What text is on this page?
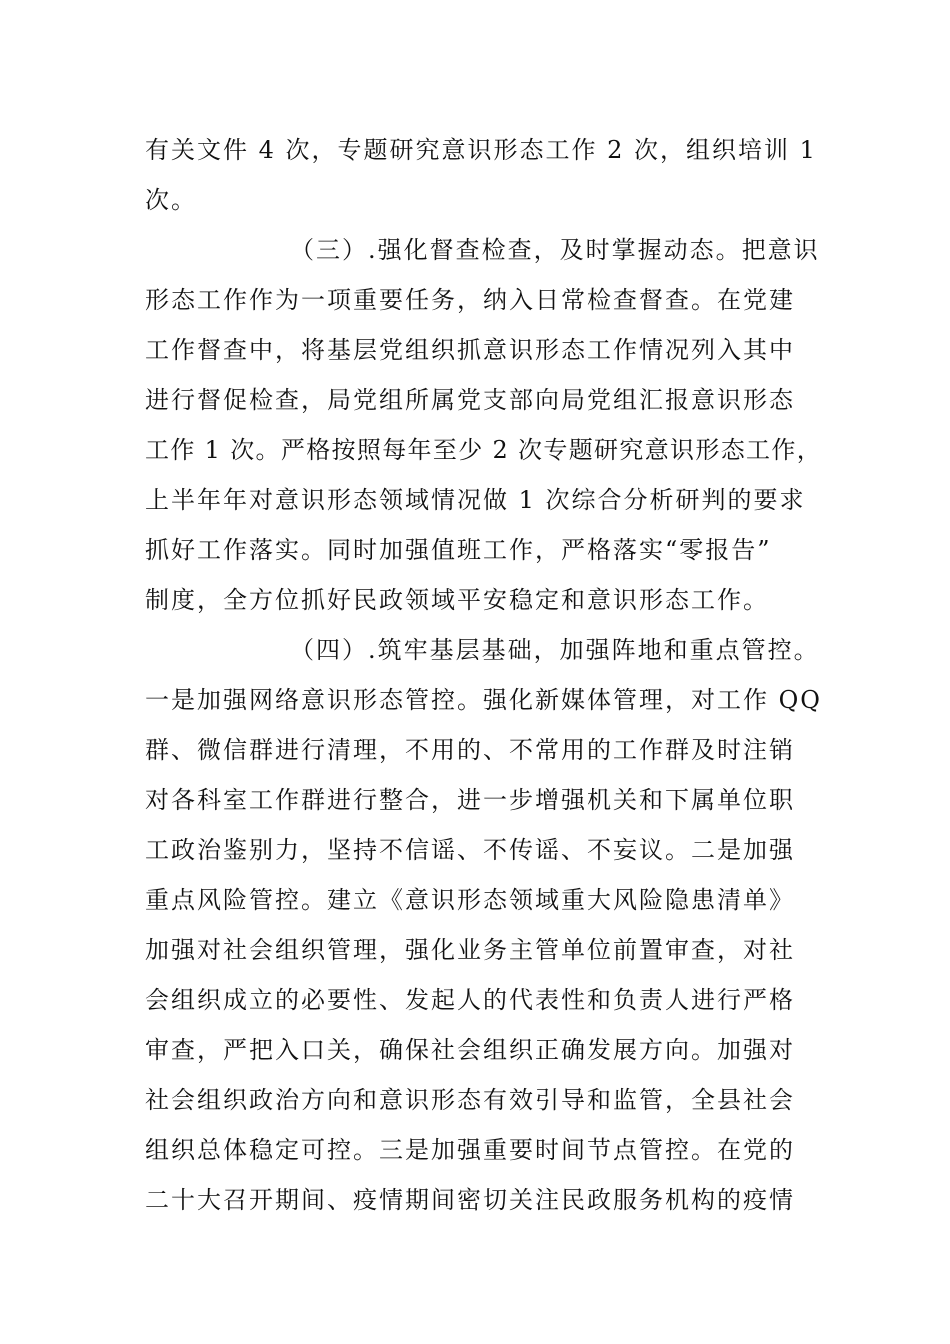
有关文件 4 次，专题研究意识形态工作 2 次，组织培训 1
次。
（三）.强化督查检查，及时掌握动态。把意识
形态工作作为一项重要任务，纳入日常检查督查。在党建
工作督查中，将基层党组织抓意识形态工作情况列入其中
进行督促检查，局党组所属党支部向局党组汇报意识形态
工作 1 次。严格按照每年至少 2 次专题研究意识形态工作，
上半年年对意识形态领域情况做 1 次综合分析研判的要求
抓好工作落实。同时加强值班工作，严格落实“零报告”
制度，全方位抓好民政领域平安稳定和意识形态工作。
（四）.筑牢基层基础，加强阵地和重点管控。
一是加强网络意识形态管控。强化新媒体管理，对工作 QQ
群、微信群进行清理，不用的、不常用的工作群及时注销
对各科室工作群进行整合，进一步增强机关和下属单位职
工政治鉴别力，坚持不信谣、不传谣、不妄议。二是加强
重点风险管控。建立《意识形态领域重大风险隐患清单》
加强对社会组织管理，强化业务主管单位前置审查，对社
会组织成立的必要性、发起人的代表性和负责人进行严格
审查，严把入口关，确保社会组织正确发展方向。加强对
社会组织政治方向和意识形态有效引导和监管，全县社会
组织总体稳定可控。三是加强重要时间节点管控。在党的
二十大召开期间、疫情期间密切关注民政服务机构的疫情
